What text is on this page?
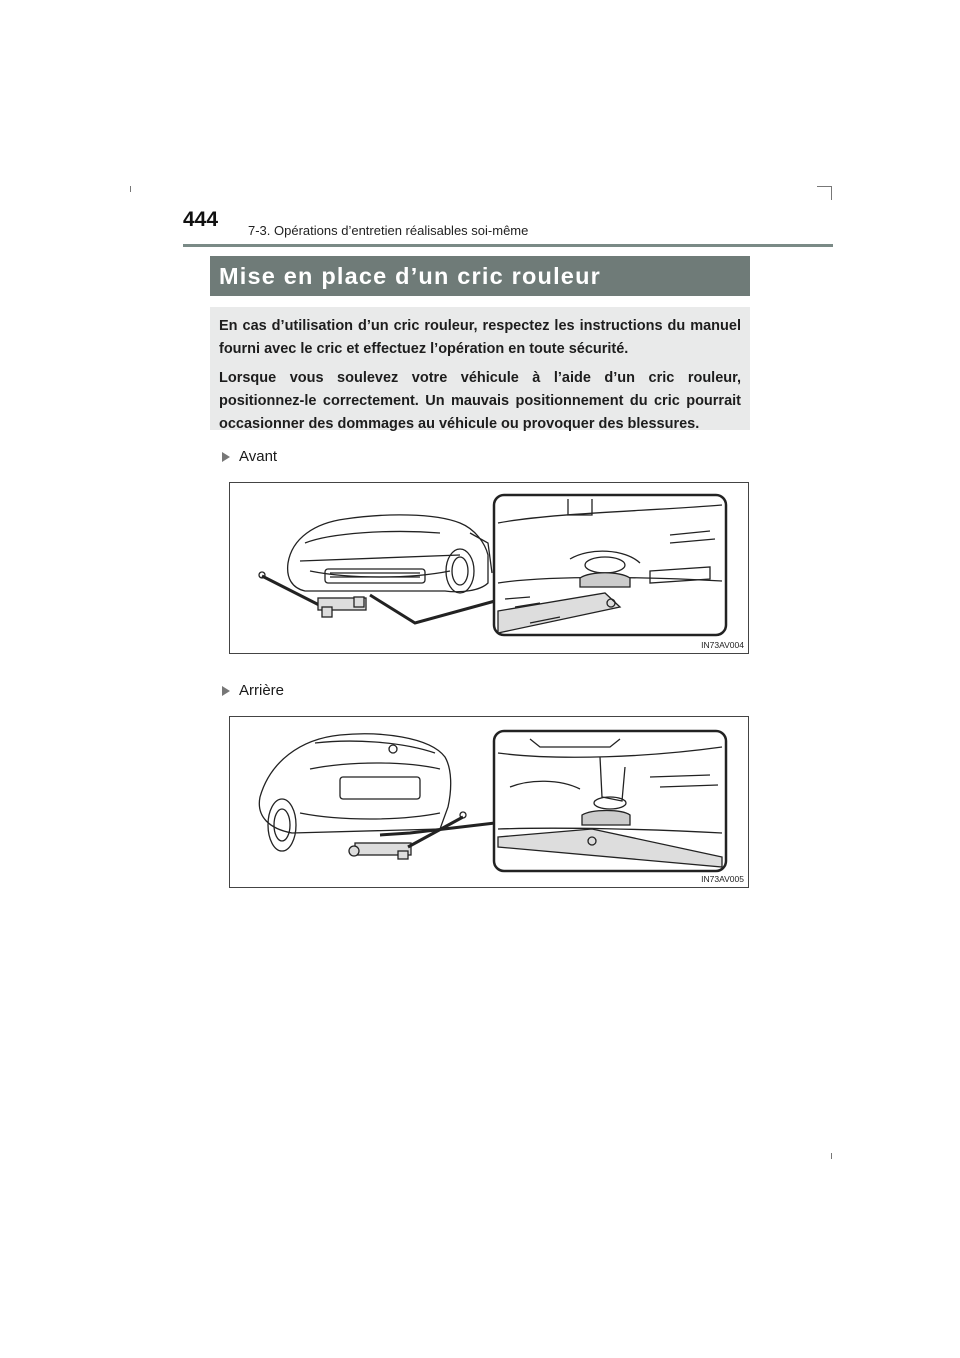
444 7-3. Opérations d’entretien réalisables soi-même
Mise en place d’un cric rouleur

En cas d’utilisation d’un cric rouleur, respectez les instructions du manuel fourni avec le cric et effectuez l’opération en toute sécurité.

Lorsque vous soulevez votre véhicule à l’aide d’un cric rouleur, positionnez-le correctement. Un mauvais positionnement du cric pourrait occasionner des dommages au véhicule ou provoquer des blessures.

Avant
IN73AV004
Arrière
IN73AV005
